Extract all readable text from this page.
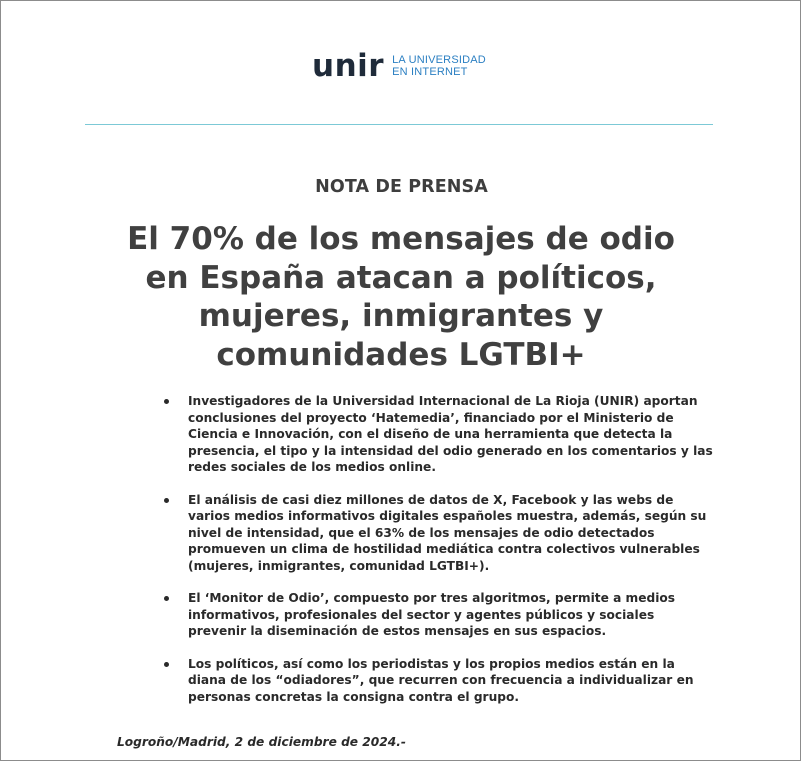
unir LA UNIVERSIDAD
EN INTERNET
NOTA DE PRENSA
El 70% de los mensajes de odio en España atacan a políticos, mujeres, inmigrantes y comunidades LGTBI+
Investigadores de la Universidad Internacional de La Rioja (UNIR) aportan conclusiones del proyecto ‘Hatemedia’, financiado por el Ministerio de Ciencia e Innovación, con el diseño de una herramienta que detecta la presencia, el tipo y la intensidad del odio generado en los comentarios y las redes sociales de los medios online.
El análisis de casi diez millones de datos de X, Facebook y las webs de varios medios informativos digitales españoles muestra, además, según su nivel de intensidad, que el 63% de los mensajes de odio detectados promueven un clima de hostilidad mediática contra colectivos vulnerables (mujeres, inmigrantes, comunidad LGTBI+).
El ‘Monitor de Odio’, compuesto por tres algoritmos, permite a medios informativos, profesionales del sector y agentes públicos y sociales prevenir la diseminación de estos mensajes en sus espacios.
Los políticos, así como los periodistas y los propios medios están en la diana de los “odiadores”, que recurren con frecuencia a individualizar en personas concretas la consigna contra el grupo.
Logroño/Madrid, 2 de diciembre de 2024.-
